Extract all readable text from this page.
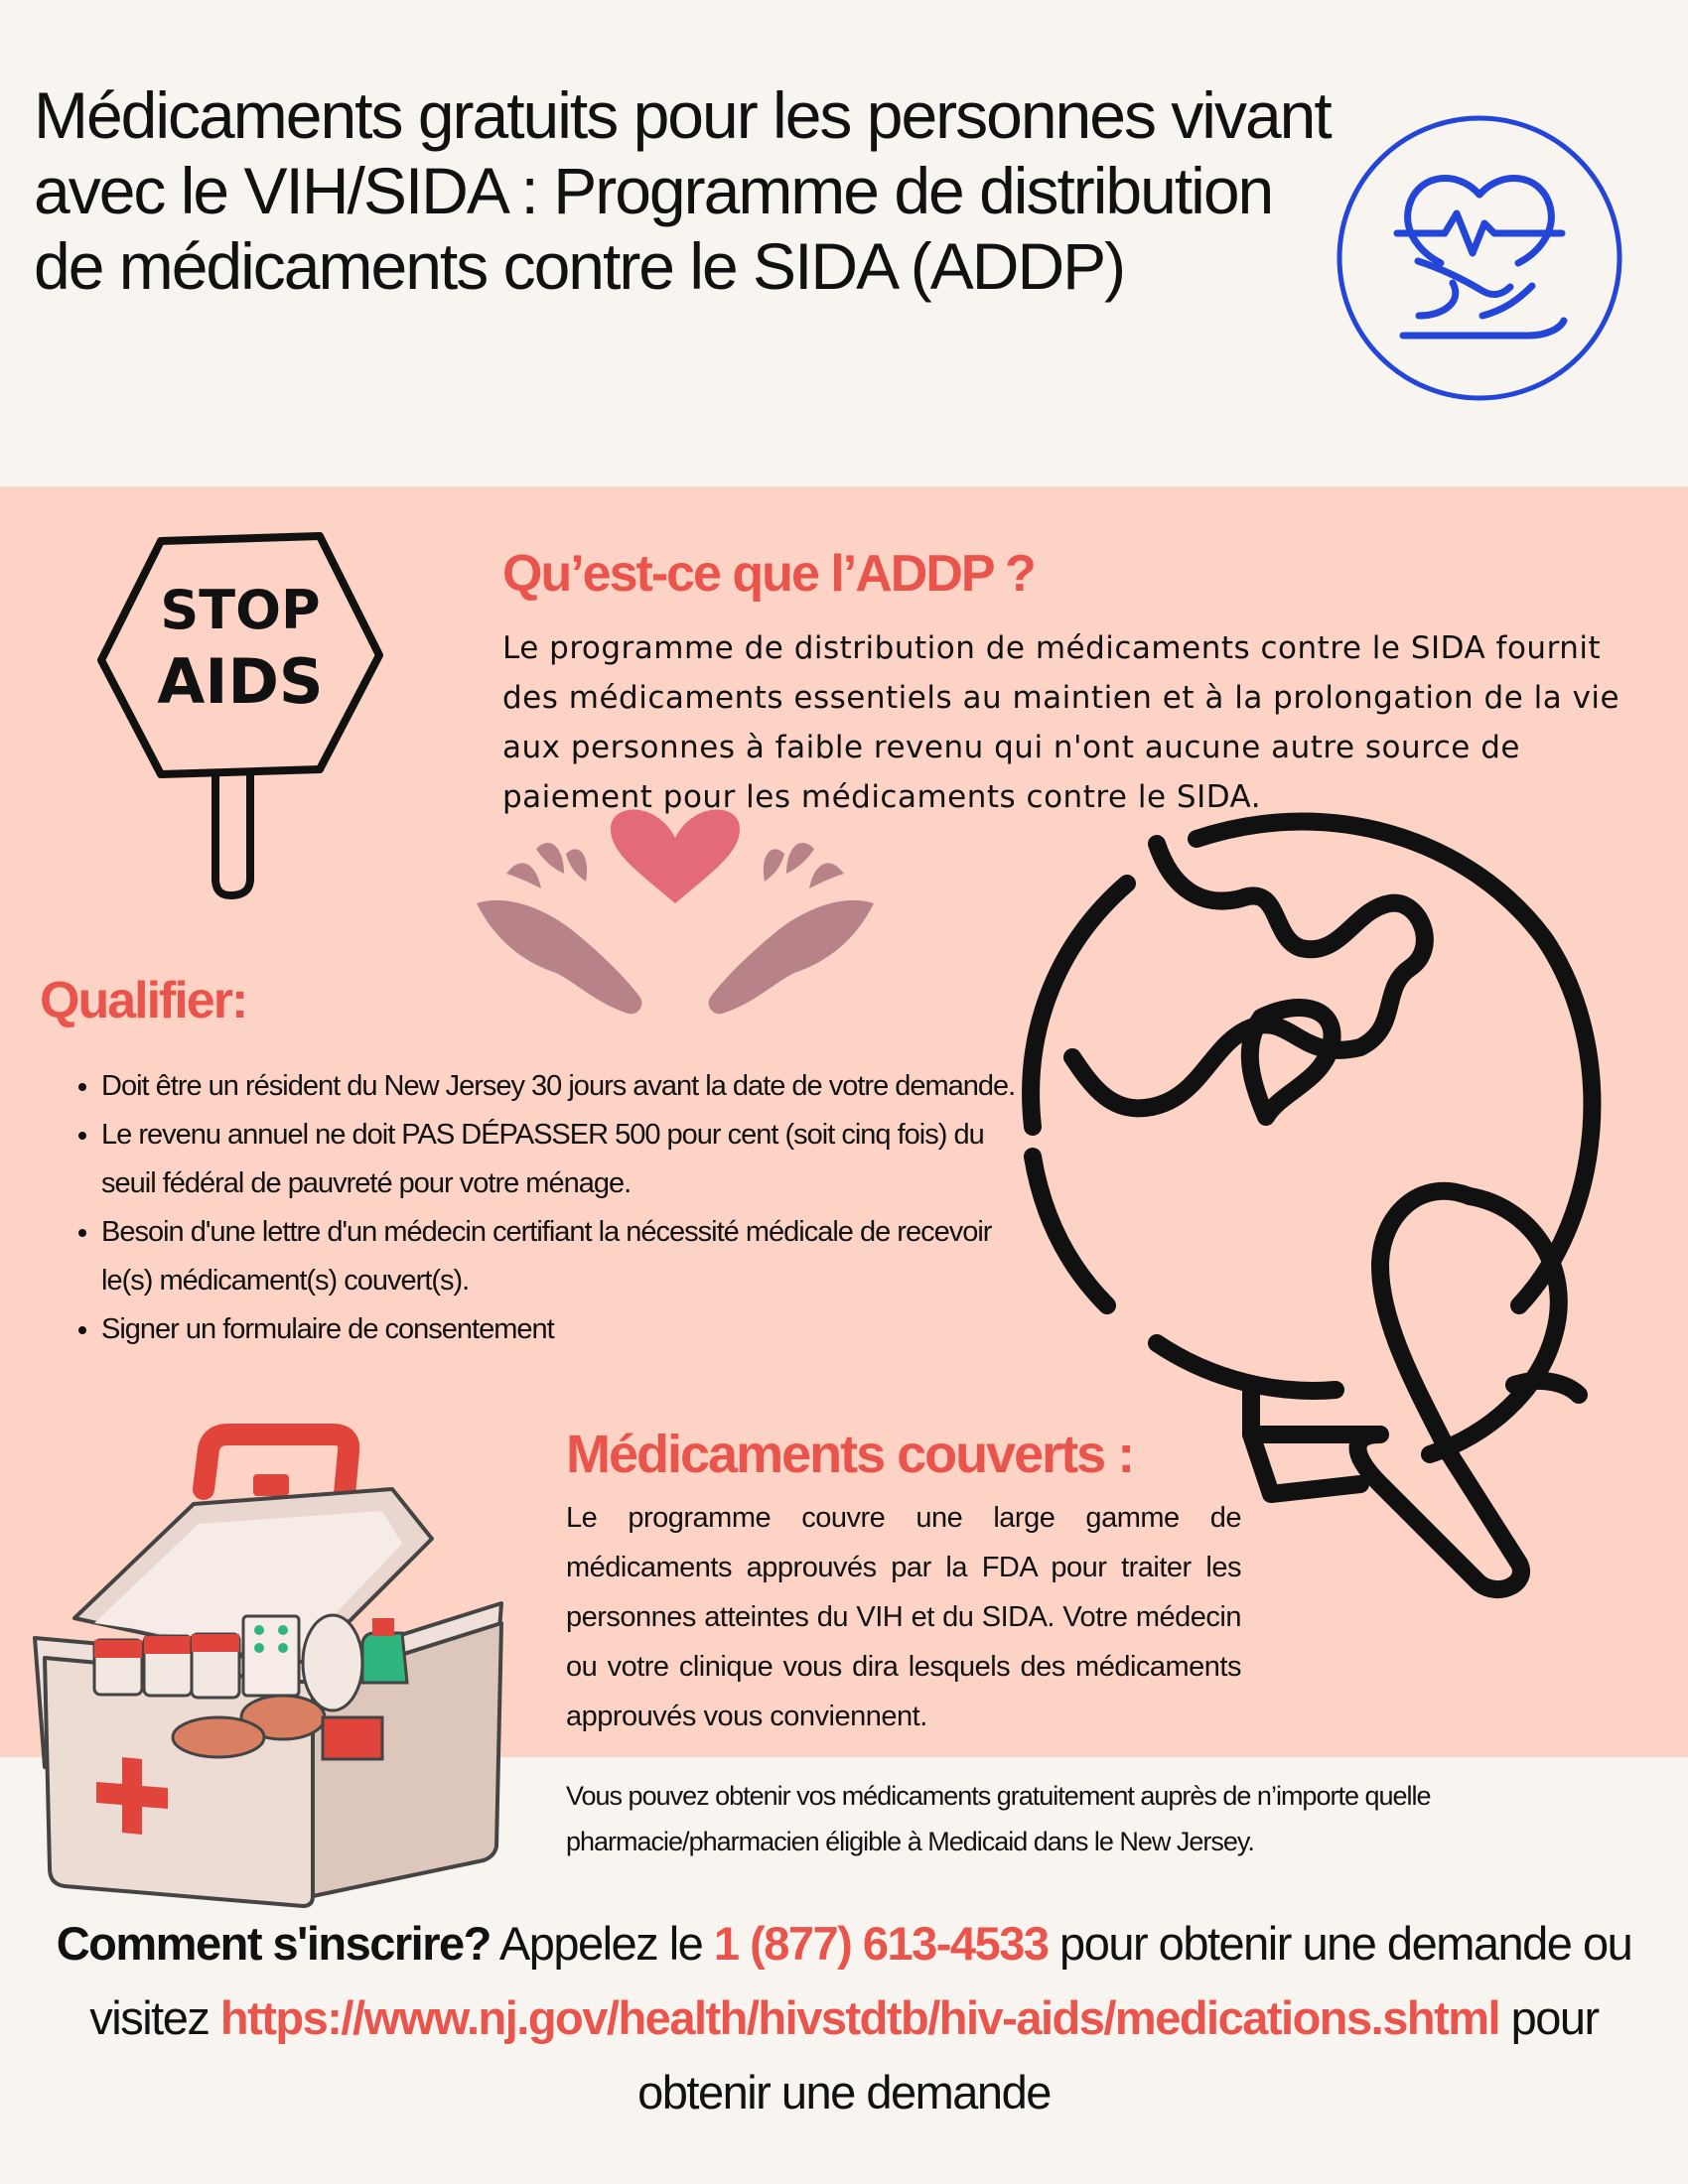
Médicaments gratuits pour les personnes vivant avec le VIH/SIDA : Programme de distribution de médicaments contre le SIDA (ADDP)
STOP
AIDS
Qu’est-ce que l’ADDP ?

Le programme de distribution de médicaments contre le SIDA fournit des médicaments essentiels au maintien et à la prolongation de la vie aux personnes à faible revenu qui n'ont aucune autre source de paiement pour les médicaments contre le SIDA.

Qualifier:
• Doit être un résident du New Jersey 30 jours avant la date de votre demande.
• Le revenu annuel ne doit PAS DÉPASSER 500 pour cent (soit cinq fois) du seuil fédéral de pauvreté pour votre ménage.
• Besoin d'une lettre d'un médecin certifiant la nécessité médicale de recevoir le(s) médicament(s) couvert(s).
• Signer un formulaire de consentement
Médicaments couverts :

Le programme couvre une large gamme de médicaments approuvés par la FDA pour traiter les personnes atteintes du VIH et du SIDA. Votre médecin ou votre clinique vous dira lesquels des médicaments approuvés vous conviennent.

Vous pouvez obtenir vos médicaments gratuitement auprès de n’importe quelle pharmacie/pharmacien éligible à Medicaid dans le New Jersey.

Comment s'inscrire? Appelez le 1 (877) 613-4533 pour obtenir une demande ou visitez https://www.nj.gov/health/hivstdtb/hiv-aids/medications.shtml pour obtenir une demande
